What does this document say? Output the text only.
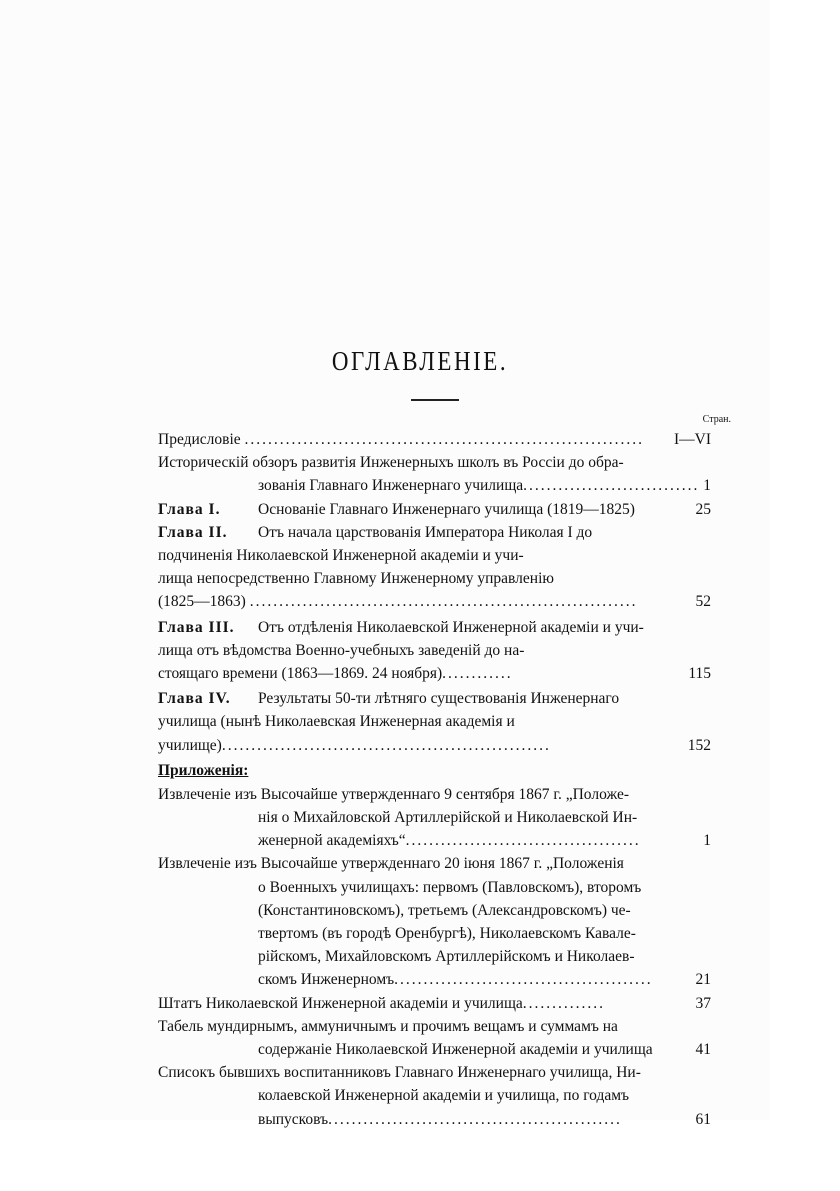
ОГЛАВЛЕНІЕ.
Стран.
Предисловіе ....................................................................	I—VI
Историческій обзоръ развитія Инженерныхъ школъ въ Россіи до обра-
зованія Главнаго Инженернаго училища.............................. 1
Глава I.	Основаніе Главнаго Инженернаго училища (1819—1825)	25
Глава II.	Отъ начала царствованія Императора Николая I до
подчиненія Николаевской Инженерной академіи и учи-
лища непосредственно Главному Инженерному управленію
(1825—1863) ..................................................................	52
Глава III.	Отъ отдѣленія Николаевской Инженерной академіи и учи-
лища отъ вѣдомства Военно-учебныхъ заведеній до на-
стоящаго времени (1863—1869. 24 ноября)............	115
Глава IV.	Результаты 50-ти лѣтняго существованія Инженернаго
училища (нынѣ Николаевская Инженерная академія и
училище)........................................................	152
Приложенія:
Извлеченіе изъ Высочайше утвержденнаго 9 сентября 1867 г. „Положе-
нія о Михайловской Артиллерійской и Николаевской Ин-
женерной академіяхъ“........................................	1
Извлеченіе изъ Высочайше утвержденнаго 20 іюня 1867 г. „Положенія
о Военныхъ училищахъ: первомъ (Павловскомъ), второмъ
(Константиновскомъ), третьемъ (Александровскомъ) че-
твертомъ (въ городѣ Оренбургѣ), Николаевскомъ Кавале-
рійскомъ, Михайловскомъ Артиллерійскомъ и Николаев-
скомъ Инженерномъ............................................	21
Штатъ Николаевской Инженерной академіи и училища..............	37
Табель мундирнымъ, аммуничнымъ и прочимъ вещамъ и суммамъ на
содержаніе Николаевской Инженерной академіи и училища	41
Списокъ бывшихъ воспитанниковъ Главнаго Инженернаго училища, Ни-
колаевской Инженерной академіи и училища, по годамъ
выпусковъ..................................................	61
